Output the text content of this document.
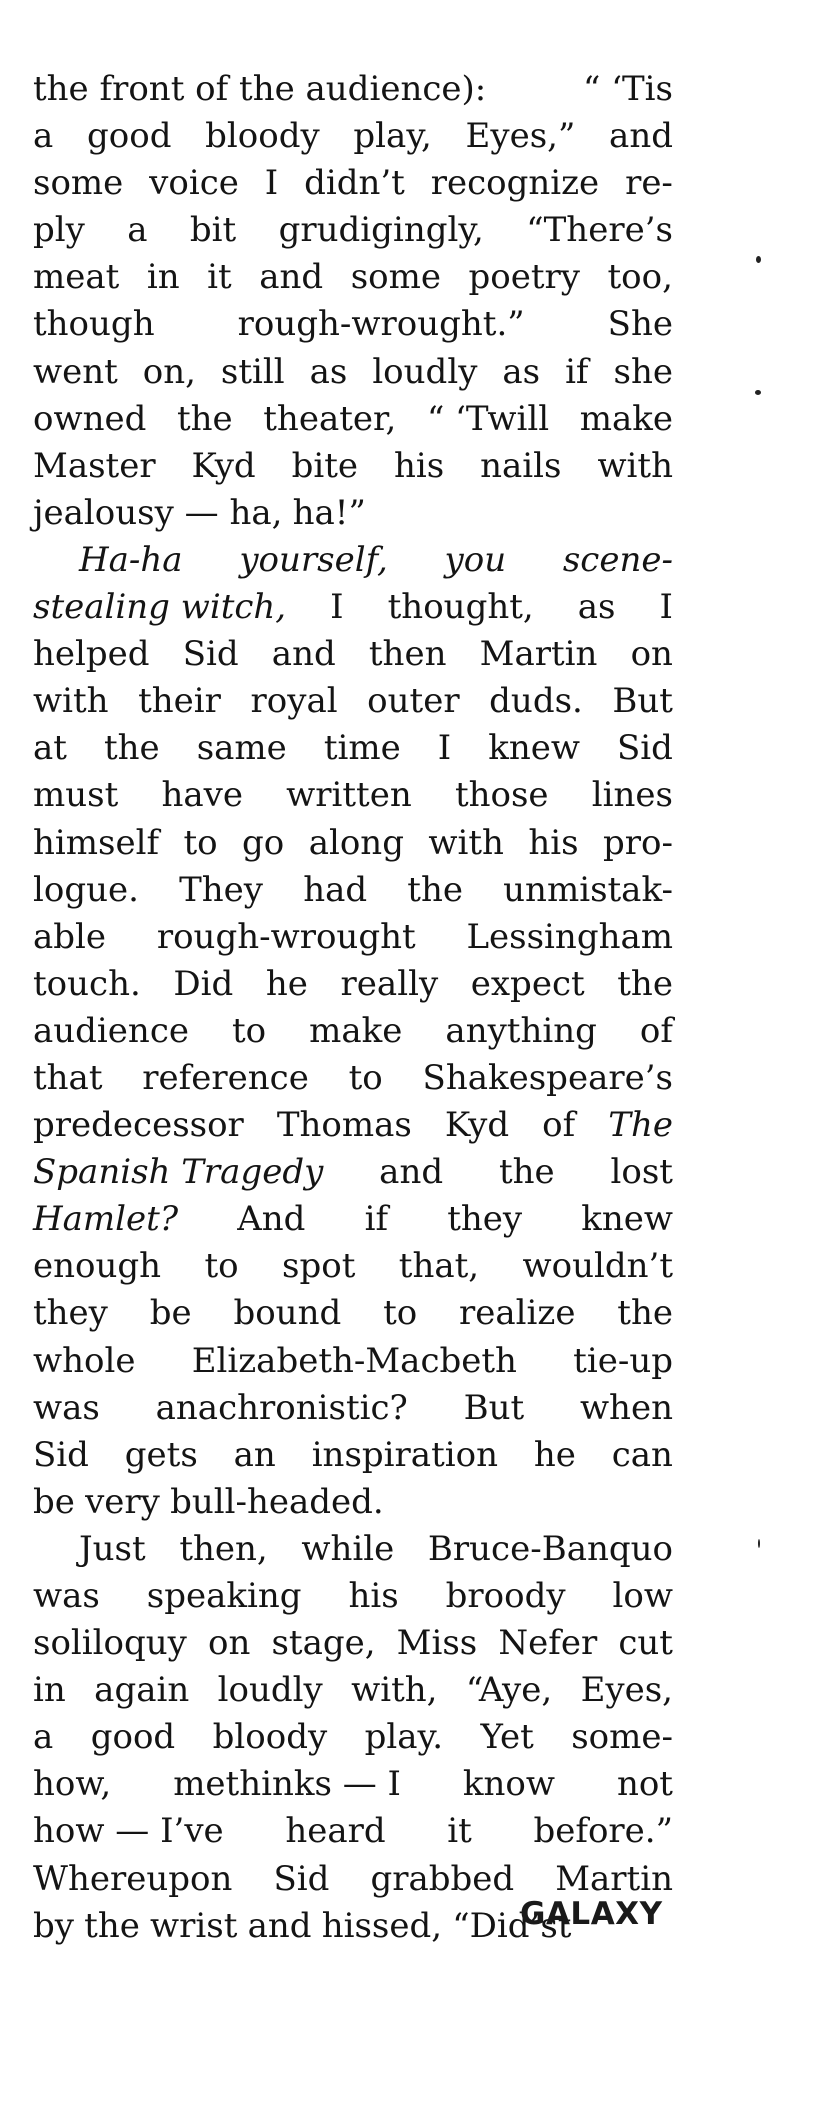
the front of the audience):	“ ‘Tis
a good bloody play, Eyes,” and
some voice I didn’t recognize re-
ply a bit grudigingly, “There’s
meat in it and some poetry too,
though rough-wrought.” She
went on, still as loudly as if she
owned the theater, “ ‘Twill make
Master Kyd bite his nails with
jealousy — ha, ha!”
Ha-ha yourself, you scene-
stealing witch, I thought, as I
helped Sid and then Martin on
with their royal outer duds. But
at the same time I knew Sid
must have written those lines
himself to go along with his pro-
logue. They had the unmistak-
able rough-wrought Lessingham
touch. Did he really expect the
audience to make anything of
that reference to Shakespeare’s
predecessor Thomas Kyd of The
Spanish Tragedy and the lost
Hamlet? And if they knew
enough to spot that, wouldn’t
they be bound to realize the
whole Elizabeth-Macbeth tie-up
was anachronistic? But when
Sid gets an inspiration he can
be very bull-headed.
Just then, while Bruce-Banquo
was speaking his broody low
soliloquy on stage, Miss Nefer cut
in again loudly with, “Aye, Eyes,
a good bloody play. Yet some-
how, methinks — I know not
how — I’ve heard it before.”
Whereupon Sid grabbed Martin
by the wrist and hissed, “Did’st
GALAXY
